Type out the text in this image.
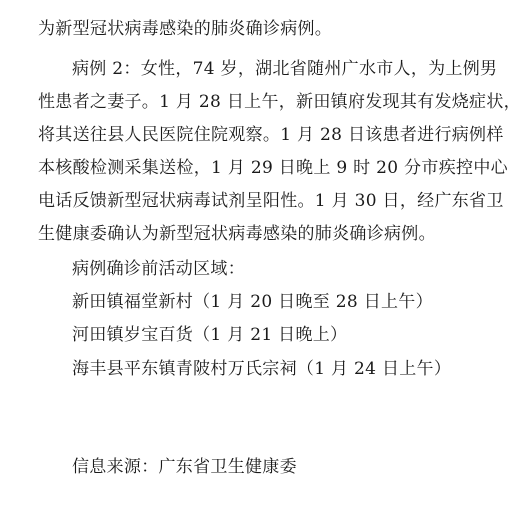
为新型冠状病毒感染的肺炎确诊病例。
病例 2：女性，74 岁，湖北省随州广水市人，为上例男
性患者之妻子。1 月 28 日上午，新田镇府发现其有发烧症状，
将其送往县人民医院住院观察。1 月 28 日该患者进行病例样
本核酸检测采集送检，1 月 29 日晚上 9 时 20 分市疾控中心
电话反馈新型冠状病毒试剂呈阳性。1 月 30 日，经广东省卫
生健康委确认为新型冠状病毒感染的肺炎确诊病例。
病例确诊前活动区域：
新田镇福堂新村（1 月 20 日晚至 28 日上午）
河田镇岁宝百货（1 月 21 日晚上）
海丰县平东镇青陂村万氏宗祠（1 月 24 日上午）
信息来源：广东省卫生健康委
